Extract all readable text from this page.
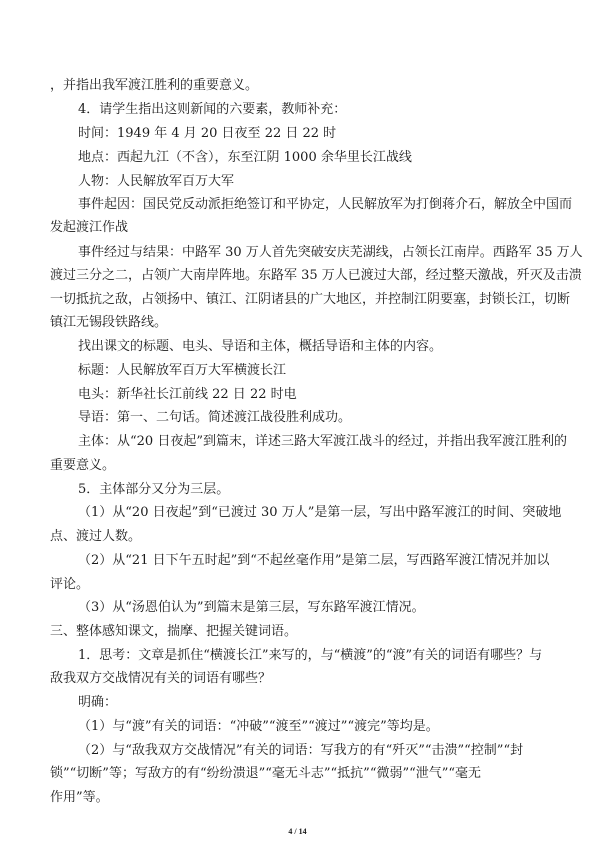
，并指出我军渡江胜利的重要意义。
4．请学生指出这则新闻的六要素，教师补充：
时间：1949 年 4 月 20 日夜至 22 日 22 时
地点：西起九江（不含），东至江阴 1000 余华里长江战线
人物：人民解放军百万大军
事件起因：国民党反动派拒绝签订和平协定，人民解放军为打倒蒋介石，解放全中国而
发起渡江作战
事件经过与结果：中路军 30 万人首先突破安庆芜湖线，占领长江南岸。西路军 35 万人
渡过三分之二，占领广大南岸阵地。东路军 35 万人已渡过大部，经过整天激战，歼灭及击溃
一切抵抗之敌，占领扬中、镇江、江阴诸县的广大地区，并控制江阴要塞，封锁长江，切断
镇江无锡段铁路线。
找出课文的标题、电头、导语和主体，概括导语和主体的内容。
标题：人民解放军百万大军横渡长江
电头：新华社长江前线 22 日 22 时电
导语：第一、二句话。简述渡江战役胜利成功。
主体：从“20 日夜起”到篇末，详述三路大军渡江战斗的经过，并指出我军渡江胜利的
重要意义。
5．主体部分又分为三层。
（1）从“20 日夜起”到“已渡过 30 万人”是第一层，写出中路军渡江的时间、突破地
点、渡过人数。
（2）从“21 日下午五时起”到“不起丝毫作用”是第二层，写西路军渡江情况并加以
评论。
（3）从“汤恩伯认为”到篇末是第三层，写东路军渡江情况。
三、整体感知课文，揣摩、把握关键词语。
1．思考：文章是抓住“横渡长江”来写的，与“横渡”的“渡”有关的词语有哪些？与
敌我双方交战情况有关的词语有哪些？
明确：
（1）与“渡”有关的词语：“冲破”“渡至”“渡过”“渡完”等均是。
（2）与“敌我双方交战情况”有关的词语：写我方的有“歼灭”“击溃”“控制”“封
锁”“切断”等；写敌方的有“纷纷溃退”“毫无斗志”“抵抗”“微弱”“泄气”“毫无
作用”等。
4 / 14
